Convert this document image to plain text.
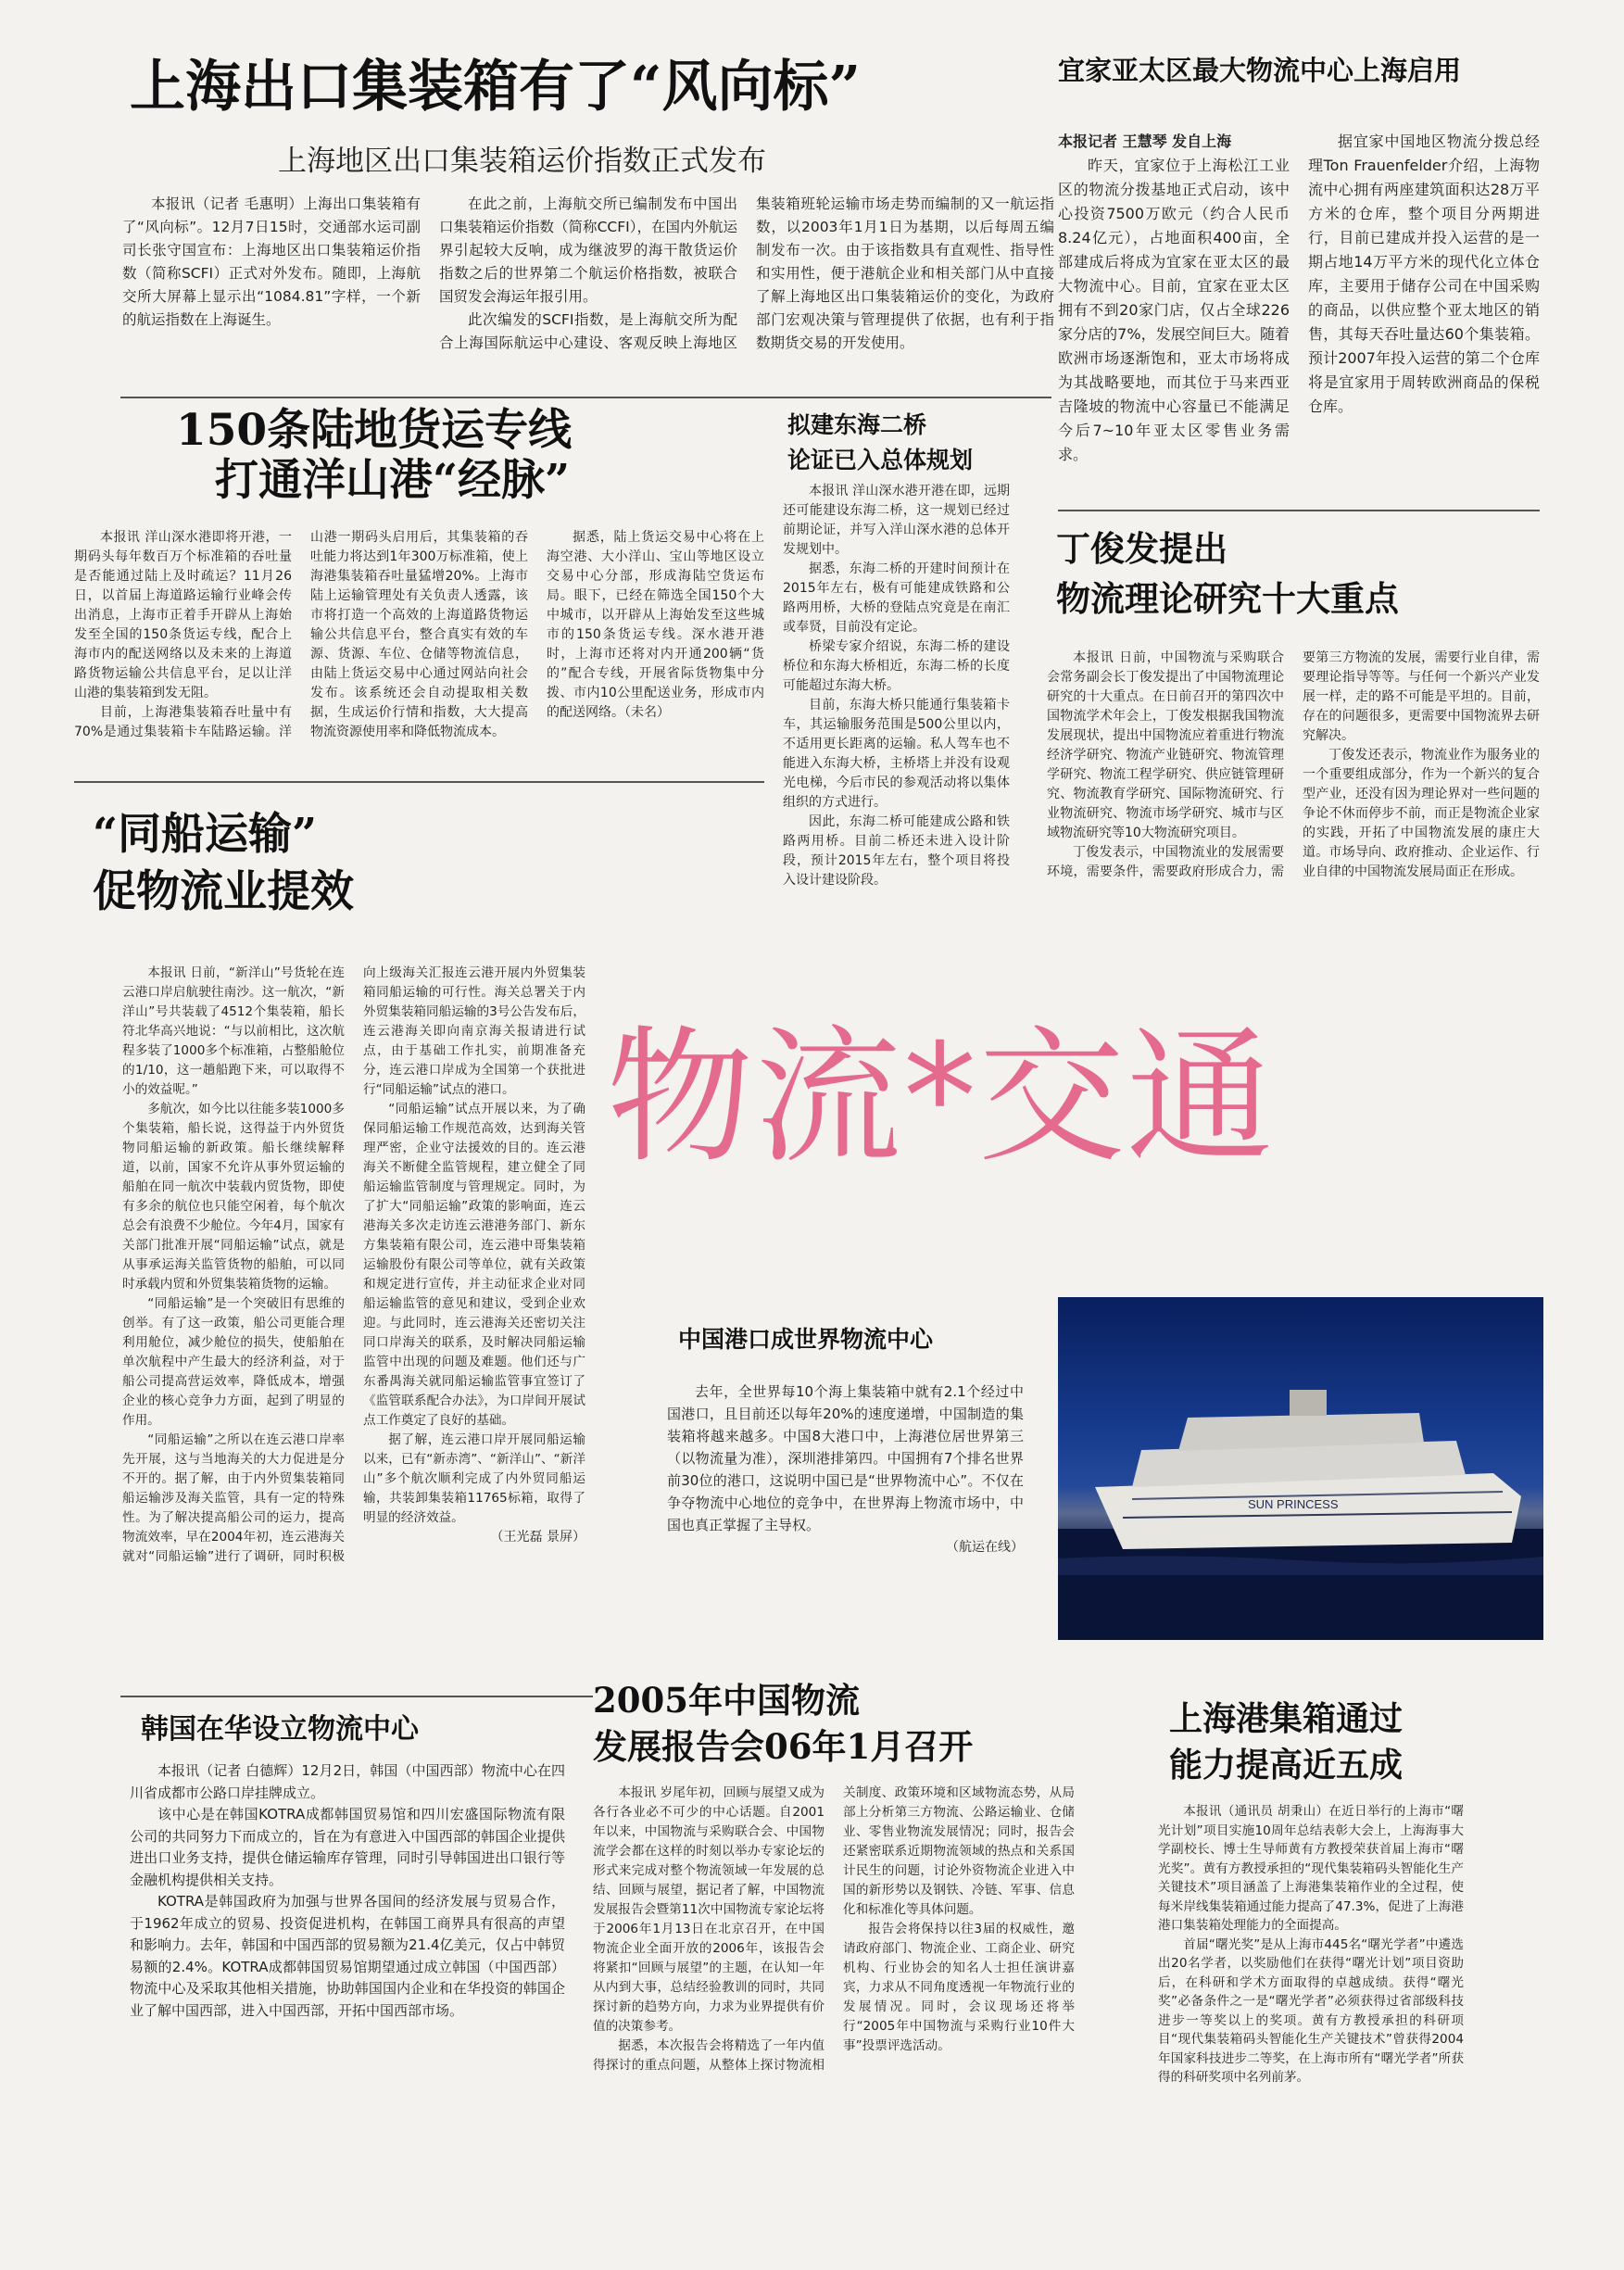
物流*交通
上海出口集装箱有了“风向标”
上海地区出口集装箱运价指数正式发布

本报讯（记者 毛惠明）上海出口集装箱有了“风向标”。12月7日15时，交通部水运司副司长张守国宣布：上海地区出口集装箱运价指数（简称SCFI）正式对外发布。随即，上海航交所大屏幕上显示出“1084.81”字样，一个新的航运指数在上海诞生。

在此之前，上海航交所已编制发布中国出口集装箱运价指数（简称CCFI），在国内外航运界引起较大反响，成为继波罗的海干散货运价指数之后的世界第二个航运价格指数，被联合国贸发会海运年报引用。

此次编发的SCFI指数，是上海航交所为配合上海国际航运中心建设、客观反映上海地区集装箱班轮运输市场走势而编制的又一航运指数，以2003年1月1日为基期，以后每周五编制发布一次。由于该指数具有直观性、指导性和实用性，便于港航企业和相关部门从中直接了解上海地区出口集装箱运价的变化，为政府部门宏观决策与管理提供了依据，也有利于指数期货交易的开发使用。

宜家亚太区最大物流中心上海启用

本报记者 王慧琴 发自上海

昨天，宜家位于上海松江工业区的物流分拨基地正式启动，该中心投资7500万欧元（约合人民币8.24亿元），占地面积400亩，全部建成后将成为宜家在亚太区的最大物流中心。目前，宜家在亚太区拥有不到20家门店，仅占全球226家分店的7%，发展空间巨大。随着欧洲市场逐渐饱和，亚太市场将成为其战略要地，而其位于马来西亚吉隆坡的物流中心容量已不能满足今后7~10年亚太区零售业务需求。

据宜家中国地区物流分拨总经理Ton Frauenfelder介绍，上海物流中心拥有两座建筑面积达28万平方米的仓库，整个项目分两期进行，目前已建成并投入运营的是一期占地14万平方米的现代化立体仓库，主要用于储存公司在中国采购的商品，以供应整个亚太地区的销售，其每天吞吐量达60个集装箱。预计2007年投入运营的第二个仓库将是宜家用于周转欧洲商品的保税仓库。

150条陆地货运专线
打通洋山港“经脉”

本报讯 洋山深水港即将开港，一期码头每年数百万个标准箱的吞吐量是否能通过陆上及时疏运？11月26日，以首届上海道路运输行业峰会传出消息，上海市正着手开辟从上海始发至全国的150条货运专线，配合上海市内的配送网络以及未来的上海道路货物运输公共信息平台，足以让洋山港的集装箱到发无阻。

目前，上海港集装箱吞吐量中有70%是通过集装箱卡车陆路运输。洋山港一期码头启用后，其集装箱的吞吐能力将达到1年300万标准箱，使上海港集装箱吞吐量猛增20%。上海市陆上运输管理处有关负责人透露，该市将打造一个高效的上海道路货物运输公共信息平台，整合真实有效的车源、货源、车位、仓储等物流信息，由陆上货运交易中心通过网站向社会发布。该系统还会自动提取相关数据，生成运价行情和指数，大大提高物流资源使用率和降低物流成本。

据悉，陆上货运交易中心将在上海空港、大小洋山、宝山等地区设立交易中心分部，形成海陆空货运布局。眼下，已经在筛选全国150个大中城市，以开辟从上海始发至这些城市的150条货运专线。深水港开港时，上海市还将对内开通200辆“货的”配合专线，开展省际货物集中分拨、市内10公里配送业务，形成市内的配送网络。（未名）

拟建东海二桥
论证已入总体规划

本报讯 洋山深水港开港在即，远期还可能建设东海二桥，这一规划已经过前期论证，并写入洋山深水港的总体开发规划中。

据悉，东海二桥的开建时间预计在2015年左右，极有可能建成铁路和公路两用桥，大桥的登陆点究竟是在南汇或奉贤，目前没有定论。

桥梁专家介绍说，东海二桥的建设桥位和东海大桥相近，东海二桥的长度可能超过东海大桥。

目前，东海大桥只能通行集装箱卡车，其运输服务范围是500公里以内，不适用更长距离的运输。私人驾车也不能进入东海大桥，主桥塔上并没有设观光电梯，今后市民的参观活动将以集体组织的方式进行。

因此，东海二桥可能建成公路和铁路两用桥。目前二桥还未进入设计阶段，预计2015年左右，整个项目将投入设计建设阶段。

丁俊发提出
物流理论研究十大重点

本报讯 日前，中国物流与采购联合会常务副会长丁俊发提出了中国物流理论研究的十大重点。在日前召开的第四次中国物流学术年会上，丁俊发根据我国物流发展现状，提出中国物流应着重进行物流经济学研究、物流产业链研究、物流管理学研究、物流工程学研究、供应链管理研究、物流教育学研究、国际物流研究、行业物流研究、物流市场学研究、城市与区域物流研究等10大物流研究项目。

丁俊发表示，中国物流业的发展需要环境，需要条件，需要政府形成合力，需要第三方物流的发展，需要行业自律，需要理论指导等等。与任何一个新兴产业发展一样，走的路不可能是平坦的。目前，存在的问题很多，更需要中国物流界去研究解决。

丁俊发还表示，物流业作为服务业的一个重要组成部分，作为一个新兴的复合型产业，还没有因为理论界对一些问题的争论不休而停步不前，而正是物流企业家的实践，开拓了中国物流发展的康庄大道。市场导向、政府推动、企业运作、行业自律的中国物流发展局面正在形成。

“同船运输”
促物流业提效

本报讯 日前，“新洋山”号货轮在连云港口岸启航驶往南沙。这一航次，“新洋山”号共装载了4512个集装箱，船长符北华高兴地说：“与以前相比，这次航程多装了1000多个标准箱，占整船舱位的1/10，这一趟船跑下来，可以取得不小的效益呢。”

多航次，如今比以往能多装1000多个集装箱，船长说，这得益于内外贸货物同船运输的新政策。船长继续解释道，以前，国家不允许从事外贸运输的船舶在同一航次中装载内贸货物，即使有多余的航位也只能空闲着，每个航次总会有浪费不少舱位。今年4月，国家有关部门批准开展“同船运输”试点，就是从事承运海关监管货物的船舶，可以同时承载内贸和外贸集装箱货物的运输。

“同船运输”是一个突破旧有思维的创举。有了这一政策，船公司更能合理利用舱位，减少舱位的损失，使船舶在单次航程中产生最大的经济利益，对于船公司提高营运效率，降低成本，增强企业的核心竞争力方面，起到了明显的作用。

“同船运输”之所以在连云港口岸率先开展，这与当地海关的大力促进是分不开的。据了解，由于内外贸集装箱同船运输涉及海关监管，具有一定的特殊性。为了解决提高船公司的运力，提高物流效率，早在2004年初，连云港海关就对“同船运输”进行了调研，同时积极向上级海关汇报连云港开展内外贸集装箱同船运输的可行性。海关总署关于内外贸集装箱同船运输的3号公告发布后，连云港海关即向南京海关报请进行试点，由于基础工作扎实，前期准备充分，连云港口岸成为全国第一个获批进行“同船运输”试点的港口。

“同船运输”试点开展以来，为了确保同船运输工作规范高效，达到海关管理严密，企业守法援效的目的。连云港海关不断健全监管规程，建立健全了同船运输监管制度与管理规定。同时，为了扩大“同船运输”政策的影响面，连云港海关多次走访连云港港务部门、新东方集装箱有限公司，连云港中哥集装箱运输股份有限公司等单位，就有关政策和规定进行宣传，并主动征求企业对同船运输监管的意见和建议，受到企业欢迎。与此同时，连云港海关还密切关注同口岸海关的联系，及时解决同船运输监管中出现的问题及难题。他们还与广东番禺海关就同船运输监管事宜签订了《监管联系配合办法》，为口岸间开展试点工作奠定了良好的基础。

据了解，连云港口岸开展同船运输以来，已有“新赤湾”、“新洋山”、“新洋山”多个航次顺利完成了内外贸同船运输，共装卸集装箱11765标箱，取得了明显的经济效益。

（王光磊 景屏）
中国港口成世界物流中心

去年，全世界每10个海上集装箱中就有2.1个经过中国港口，且目前还以每年20%的速度递增，中国制造的集装箱将越来越多。中国8大港口中，上海港位居世界第三（以物流量为准），深圳港排第四。中国拥有7个排名世界前30位的港口，这说明中国已是“世界物流中心”。不仅在争夺物流中心地位的竞争中，在世界海上物流市场中，中国也真正掌握了主导权。

（航运在线）
SUN PRINCESS
韩国在华设立物流中心

本报讯（记者 白德辉）12月2日，韩国（中国西部）物流中心在四川省成都市公路口岸挂牌成立。

该中心是在韩国KOTRA成都韩国贸易馆和四川宏盛国际物流有限公司的共同努力下而成立的，旨在为有意进入中国西部的韩国企业提供进出口业务支持，提供仓储运输库存管理，同时引导韩国进出口银行等金融机构提供相关支持。

KOTRA是韩国政府为加强与世界各国间的经济发展与贸易合作，于1962年成立的贸易、投资促进机构，在韩国工商界具有很高的声望和影响力。去年，韩国和中国西部的贸易额为21.4亿美元，仅占中韩贸易额的2.4%。KOTRA成都韩国贸易馆期望通过成立韩国（中国西部）物流中心及采取其他相关措施，协助韩国国内企业和在华投资的韩国企业了解中国西部，进入中国西部，开拓中国西部市场。

2005年中国物流
发展报告会06年1月召开

本报讯 岁尾年初，回顾与展望又成为各行各业必不可少的中心话题。自2001年以来，中国物流与采购联合会、中国物流学会都在这样的时刻以举办专家论坛的形式来完成对整个物流领域一年发展的总结、回顾与展望，据记者了解，中国物流发展报告会暨第11次中国物流专家论坛将于2006年1月13日在北京召开，在中国物流企业全面开放的2006年，该报告会将紧扣“回顾与展望”的主题，在认知一年从内到大事，总结经验教训的同时，共同探讨新的趋势方向，力求为业界提供有价值的决策参考。

据悉，本次报告会将精选了一年内值得探讨的重点问题，从整体上探讨物流相关制度、政策环境和区域物流态势，从局部上分析第三方物流、公路运输业、仓储业、零售业物流发展情况；同时，报告会还紧密联系近期物流领域的热点和关系国计民生的问题，讨论外资物流企业进入中国的新形势以及钢铁、冷链、军事、信息化和标准化等具体问题。

报告会将保持以往3届的权威性，邀请政府部门、物流企业、工商企业、研究机构、行业协会的知名人士担任演讲嘉宾，力求从不同角度透视一年物流行业的发展情况。同时，会议现场还将举行“2005年中国物流与采购行业10件大事”投票评选活动。

上海港集箱通过
能力提高近五成

本报讯（通讯员 胡秉山）在近日举行的上海市“曙光计划”项目实施10周年总结表彰大会上，上海海事大学副校长、博士生导师黄有方教授荣获首届上海市“曙光奖”。黄有方教授承担的“现代集装箱码头智能化生产关键技术”项目涵盖了上海港集装箱作业的全过程，使每米岸线集装箱通过能力提高了47.3%，促进了上海港港口集装箱处理能力的全面提高。

首届“曙光奖”是从上海市445名“曙光学者”中遴选出20名学者，以奖励他们在获得“曙光计划”项目资助后，在科研和学术方面取得的卓越成绩。获得“曙光奖”必备条件之一是“曙光学者”必须获得过省部级科技进步一等奖以上的奖项。黄有方教授承担的科研项目“现代集装箱码头智能化生产关键技术”曾获得2004年国家科技进步二等奖，在上海市所有“曙光学者”所获得的科研奖项中名列前茅。
